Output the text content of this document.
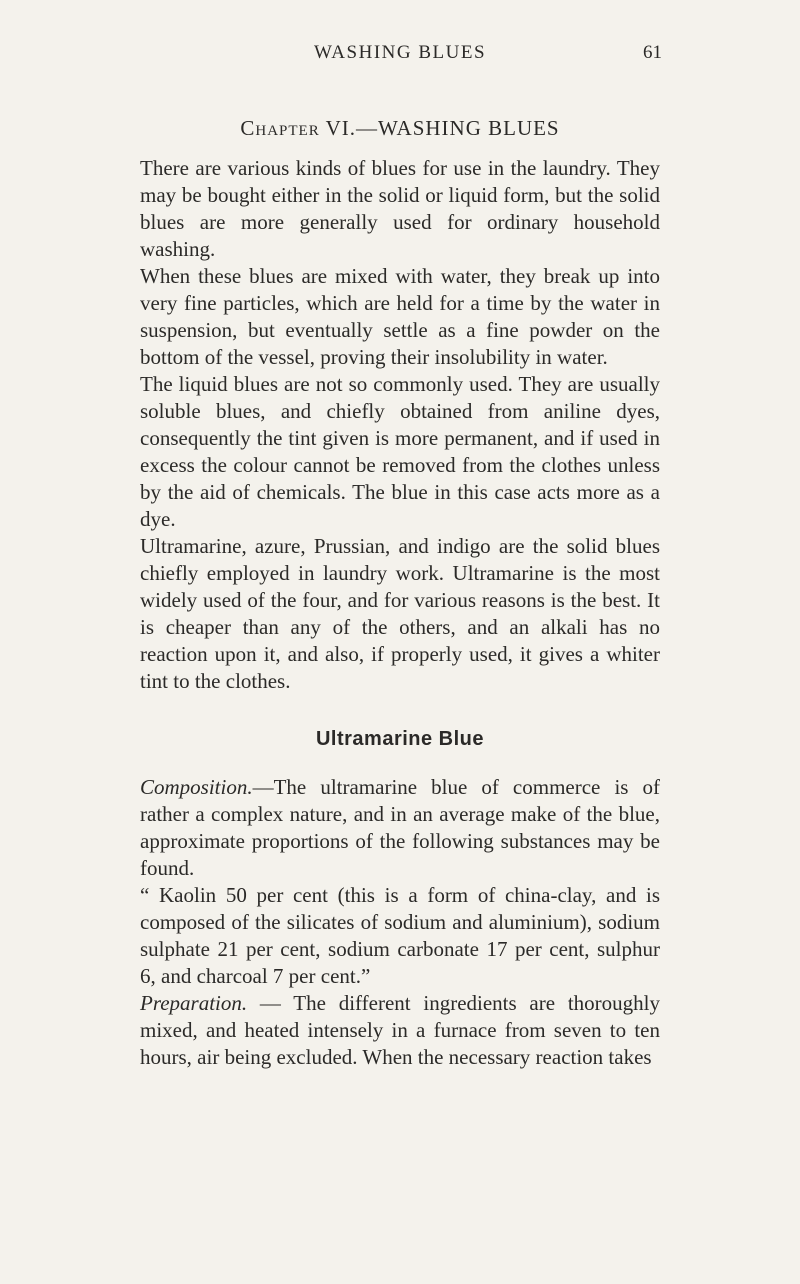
WASHING BLUES	61
Chapter VI.—WASHING BLUES

There are various kinds of blues for use in the laundry. They may be bought either in the solid or liquid form, but the solid blues are more generally used for ordinary household washing.

When these blues are mixed with water, they break up into very fine particles, which are held for a time by the water in suspension, but eventually settle as a fine powder on the bottom of the vessel, proving their insolubility in water.

The liquid blues are not so commonly used. They are usually soluble blues, and chiefly obtained from aniline dyes, consequently the tint given is more permanent, and if used in excess the colour cannot be removed from the clothes unless by the aid of chemicals. The blue in this case acts more as a dye.

Ultramarine, azure, Prussian, and indigo are the solid blues chiefly employed in laundry work. Ultramarine is the most widely used of the four, and for various reasons is the best. It is cheaper than any of the others, and an alkali has no reaction upon it, and also, if properly used, it gives a whiter tint to the clothes.

Ultramarine Blue

Composition.—The ultramarine blue of commerce is of rather a complex nature, and in an average make of the blue, approximate proportions of the following substances may be found.

“ Kaolin 50 per cent (this is a form of china-clay, and is composed of the silicates of sodium and aluminium), sodium sulphate 21 per cent, sodium carbonate 17 per cent, sulphur 6, and charcoal 7 per cent.”

Preparation. — The different ingredients are thoroughly mixed, and heated intensely in a furnace from seven to ten hours, air being excluded. When the necessary reaction takes
